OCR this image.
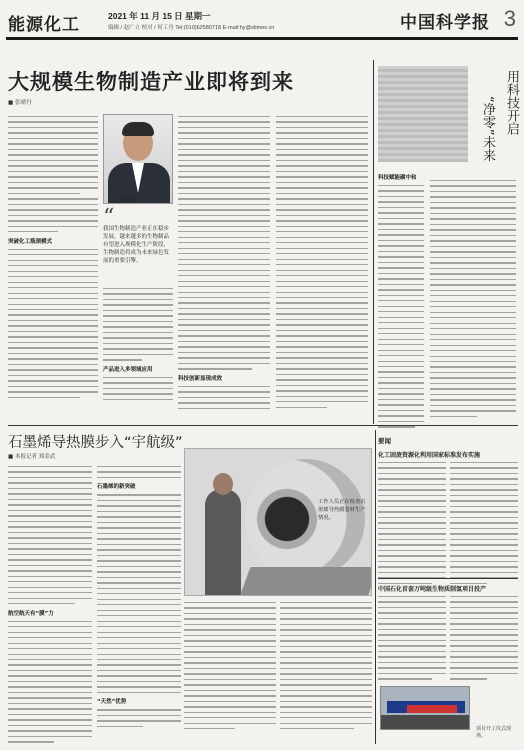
能源化工	2021 年 11 月 15 日 星期一
编辑 / 赵广立 校对 / 何工舟 Tel:(010)62580718 E-mail:hy@stimes.cn	中国科学报 3
大规模生物制造产业即将到来
■ 张晴丹
突破化工瓶颈模式
张国民
“
我国生物制造产业正在稳步发展，越来越多的生物制品有望进入规模化生产阶段，生物制造将成为未来绿色发展的重要引擎。
产品进入多领域应用
科技创新显现成效
用科技开启
“净零”未来
科技赋能碳中和
石墨烯导热膜步入“宇航级”
■ 本报记者 郑金武
航空航天有“膜”力
石墨烯的新突破
“天然”优势
工作人员正在检查石墨烯导热膜卷材生产情况。
要闻
化工固废资源化利用国家标准发布实施
中国石化首套万吨级生物质制氢项目投产
项目开工仪式现场。
